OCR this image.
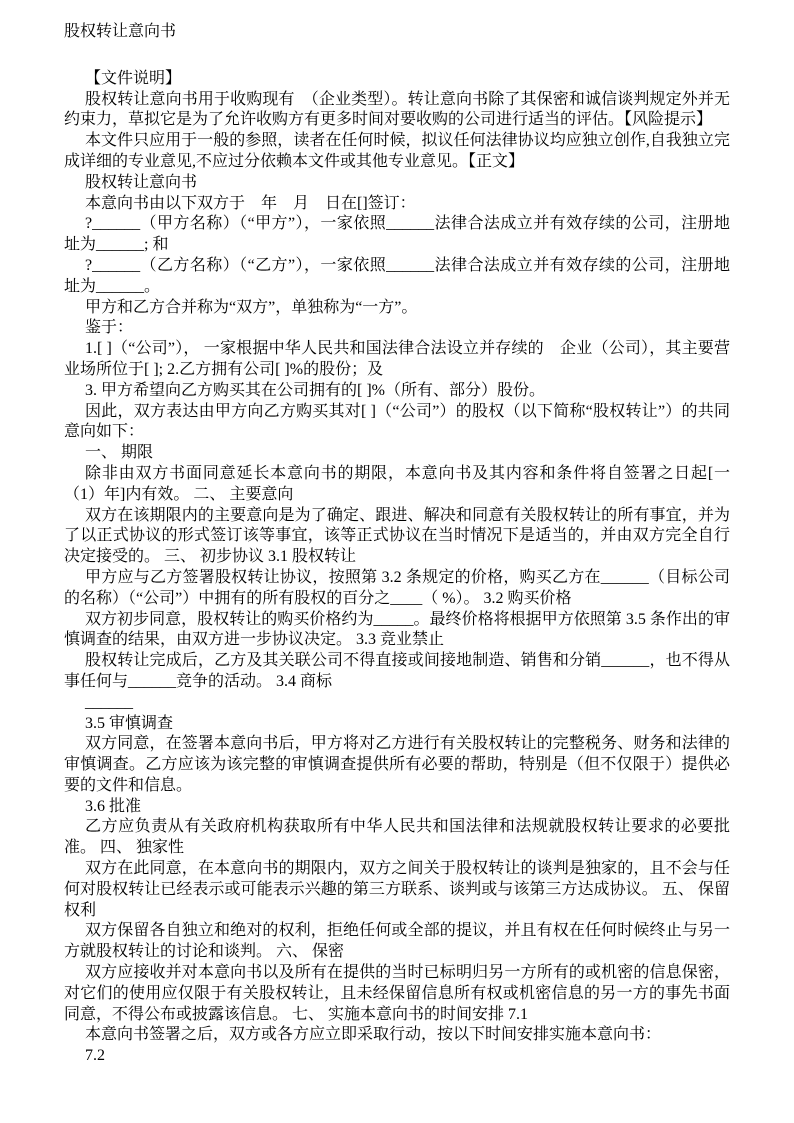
股权转让意向书

【文件说明】

股权转让意向书用于收购现有　（企业类型）。转让意向书除了其保密和诚信谈判规定外并无约束力，草拟它是为了允许收购方有更多时间对要收购的公司进行适当的评估。【风险提示】

本文件只应用于一般的参照，读者在任何时候，拟议任何法律协议均应独立创作,自我独立完成详细的专业意见,不应过分依赖本文件或其他专业意见。【正文】

股权转让意向书

本意向书由以下双方于　年　月　日在[]签订：

?______（甲方名称）（“甲方”），一家依照______法律合法成立并有效存续的公司，注册地址为______; 和

?______（乙方名称）（“乙方”），一家依照______法律合法成立并有效存续的公司，注册地址为______。

甲方和乙方合并称为“双方”，单独称为“一方”。

鉴于：

1.[ ]（“公司”）， 一家根据中华人民共和国法律合法设立并存续的　企业（公司），其主要营业场所位于[ ]; 2.乙方拥有公司[ ]%的股份；及

3. 甲方希望向乙方购买其在公司拥有的[ ]%（所有、部分）股份。

因此，双方表达由甲方向乙方购买其对[ ]（“公司”）的股权（以下简称“股权转让”）的共同意向如下：

一、 期限

除非由双方书面同意延长本意向书的期限，本意向书及其内容和条件将自签署之日起[一（1）年]内有效。 二、 主要意向

双方在该期限内的主要意向是为了确定、跟进、解决和同意有关股权转让的所有事宜，并为了以正式协议的形式签订该等事宜，该等正式协议在当时情况下是适当的，并由双方完全自行决定接受的。 三、 初步协议 3.1 股权转让

甲方应与乙方签署股权转让协议，按照第 3.2 条规定的价格，购买乙方在______（目标公司的名称）（“公司”）中拥有的所有股权的百分之____（ %）。 3.2 购买价格

双方初步同意，股权转让的购买价格约为_____。最终价格将根据甲方依照第 3.5 条作出的审慎调查的结果，由双方进一步协议决定。 3.3 竞业禁止

股权转让完成后，乙方及其关联公司不得直接或间接地制造、销售和分销______，也不得从事任何与______竞争的活动。 3.4 商标

______

3.5 审慎调查

双方同意，在签署本意向书后，甲方将对乙方进行有关股权转让的完整税务、财务和法律的审慎调查。乙方应该为该完整的审慎调查提供所有必要的帮助，特别是（但不仅限于）提供必要的文件和信息。

3.6 批准

乙方应负责从有关政府机构获取所有中华人民共和国法律和法规就股权转让要求的必要批准。 四、 独家性

双方在此同意，在本意向书的期限内，双方之间关于股权转让的谈判是独家的，且不会与任何对股权转让已经表示或可能表示兴趣的第三方联系、谈判或与该第三方达成协议。 五、 保留权利

双方保留各自独立和绝对的权利，拒绝任何或全部的提议，并且有权在任何时候终止与另一方就股权转让的讨论和谈判。 六、 保密

双方应接收并对本意向书以及所有在提供的当时已标明归另一方所有的或机密的信息保密，对它们的使用应仅限于有关股权转让，且未经保留信息所有权或机密信息的另一方的事先书面同意，不得公布或披露该信息。 七、 实施本意向书的时间安排 7.1

本意向书签署之后，双方或各方应立即采取行动，按以下时间安排实施本意向书：

7.2
